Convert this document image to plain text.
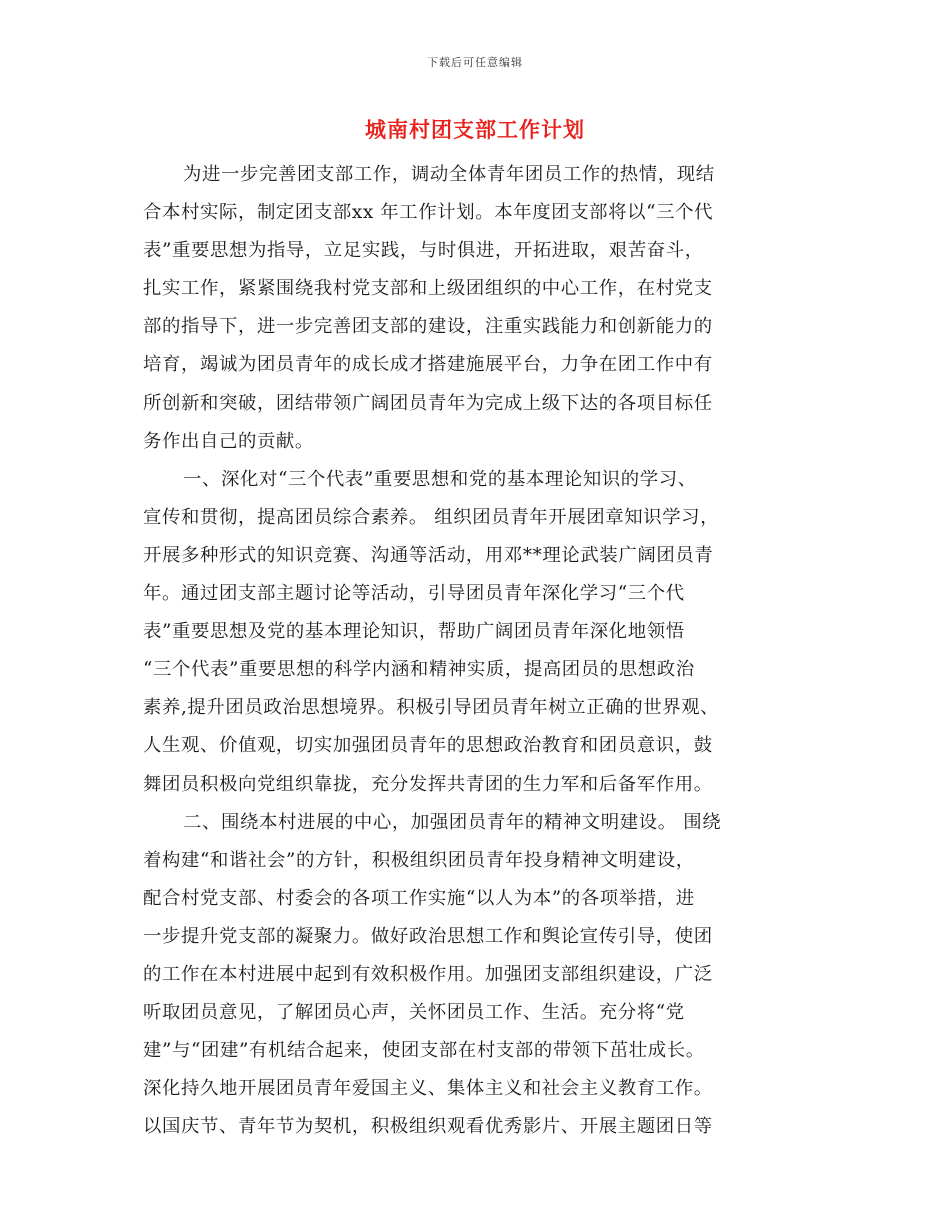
下载后可任意编辑
城南村团支部工作计划
为进一步完善团支部工作，调动全体青年团员工作的热情，现结
合本村实际，制定团支部xx 年工作计划。本年度团支部将以“三个代
表”重要思想为指导，立足实践，与时俱进，开拓进取，艰苦奋斗，
扎实工作，紧紧围绕我村党支部和上级团组织的中心工作，在村党支
部的指导下，进一步完善团支部的建设，注重实践能力和创新能力的
培育，竭诚为团员青年的成长成才搭建施展平台，力争在团工作中有
所创新和突破，团结带领广阔团员青年为完成上级下达的各项目标任
务作出自己的贡献。
一、深化对“三个代表”重要思想和党的基本理论知识的学习、
宣传和贯彻，提高团员综合素养。 组织团员青年开展团章知识学习，
开展多种形式的知识竞赛、沟通等活动，用邓**理论武装广阔团员青
年。通过团支部主题讨论等活动，引导团员青年深化学习“三个代
表”重要思想及党的基本理论知识，帮助广阔团员青年深化地领悟
“三个代表”重要思想的科学内涵和精神实质，提高团员的思想政治
素养,提升团员政治思想境界。积极引导团员青年树立正确的世界观、
人生观、价值观，切实加强团员青年的思想政治教育和团员意识，鼓
舞团员积极向党组织靠拢，充分发挥共青团的生力军和后备军作用。
二、围绕本村进展的中心，加强团员青年的精神文明建设。 围绕
着构建“和谐社会”的方针，积极组织团员青年投身精神文明建设，
配合村党支部、村委会的各项工作实施“以人为本”的各项举措，进
一步提升党支部的凝聚力。做好政治思想工作和舆论宣传引导，使团
的工作在本村进展中起到有效积极作用。加强团支部组织建设，广泛
听取团员意见，了解团员心声，关怀团员工作、生活。充分将“党
建”与“团建”有机结合起来，使团支部在村支部的带领下茁壮成长。
深化持久地开展团员青年爱国主义、集体主义和社会主义教育工作。
以国庆节、青年节为契机，积极组织观看优秀影片、开展主题团日等
